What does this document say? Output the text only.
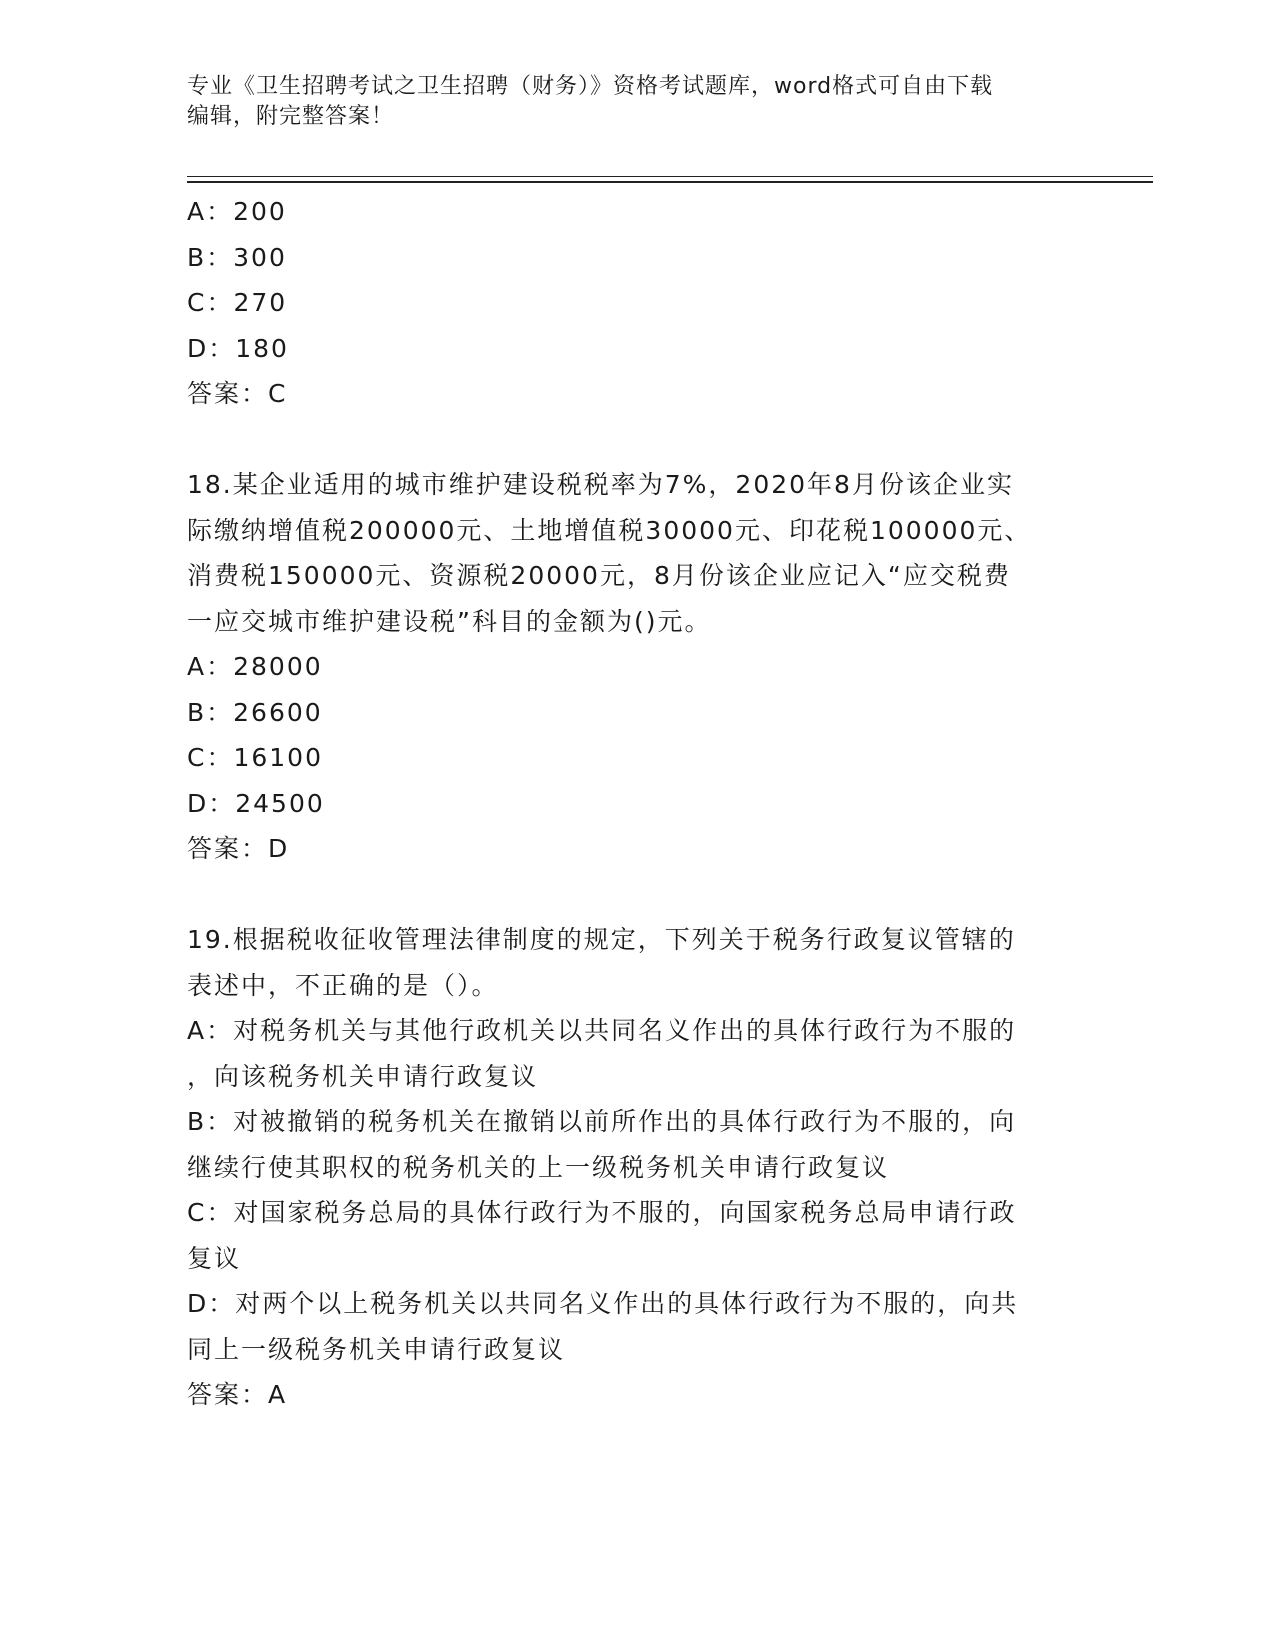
专业《卫生招聘考试之卫生招聘（财务）》资格考试题库，word格式可自由下载

编辑，附完整答案！

A：200
B：300
C：270
D：180
答案：C
18.某企业适用的城市维护建设税税率为7%，2020年8月份该企业实
际缴纳增值税200000元、土地增值税30000元、印花税100000元、
消费税150000元、资源税20000元，8月份该企业应记入“应交税费
一应交城市维护建设税”科目的金额为()元。
A：28000
B：26600
C：16100
D：24500
答案：D
19.根据税收征收管理法律制度的规定，下列关于税务行政复议管辖的
表述中，不正确的是（）。
A：对税务机关与其他行政机关以共同名义作出的具体行政行为不服的
，向该税务机关申请行政复议
B：对被撤销的税务机关在撤销以前所作出的具体行政行为不服的，向
继续行使其职权的税务机关的上一级税务机关申请行政复议
C：对国家税务总局的具体行政行为不服的，向国家税务总局申请行政
复议
D：对两个以上税务机关以共同名义作出的具体行政行为不服的，向共
同上一级税务机关申请行政复议
答案：A
